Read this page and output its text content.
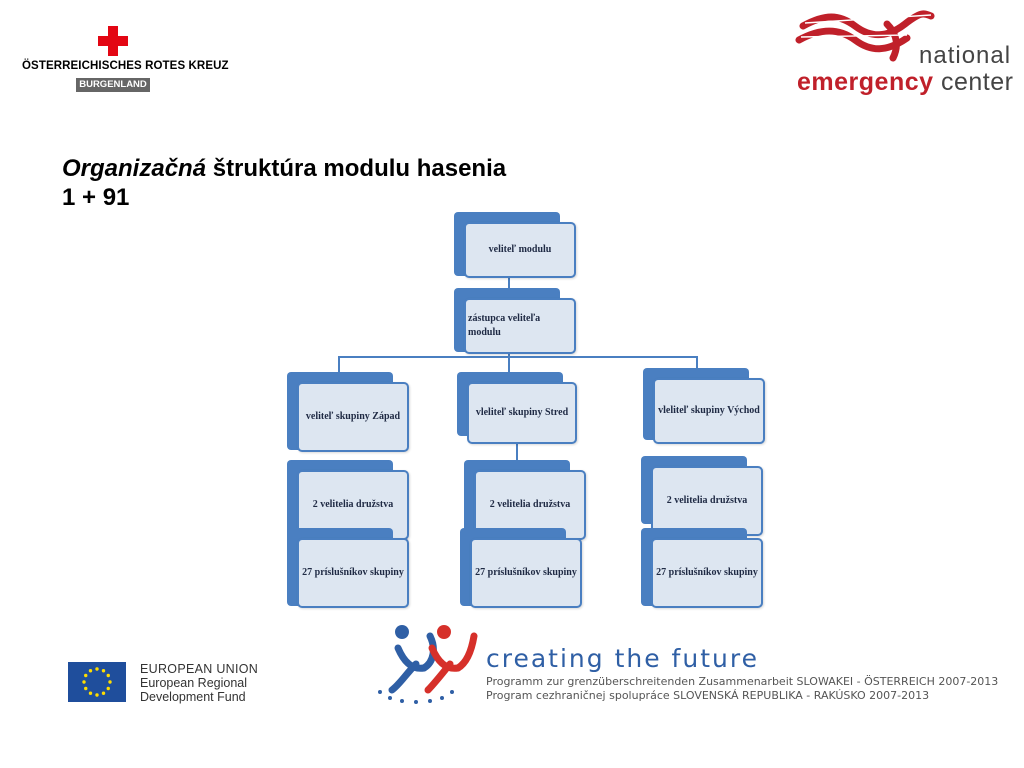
ÖSTERREICHISCHES ROTES KREUZ
BURGENLAND
national
emergency center
Organizačná štruktúra modulu hasenia
1 + 91
veliteľ modulu
zástupca veliteľa modulu
veliteľ skupiny Západ
2 velitelia družstva
27 príslušníkov skupiny
vleliteľ skupiny Stred
2 velitelia družstva
27 príslušníkov skupiny
vleliteľ skupiny Východ
2 velitelia družstva
27 príslušníkov skupiny
EUROPEAN UNION
European Regional
Development Fund
creating the future
Programm zur grenzüberschreitenden Zusammenarbeit SLOWAKEI - ÖSTERREICH 2007-2013
Program cezhraničnej spolupráce SLOVENSKÁ REPUBLIKA - RAKÚSKO 2007-2013
